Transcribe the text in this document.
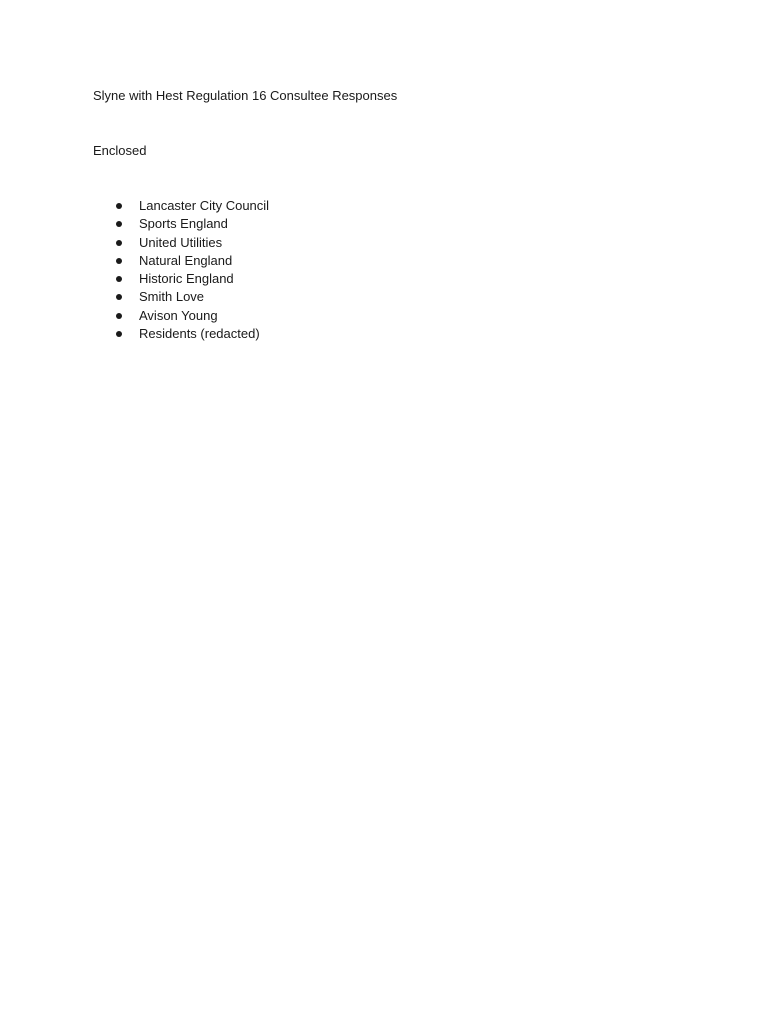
Slyne with Hest Regulation 16 Consultee Responses
Enclosed
Lancaster City Council
Sports England
United Utilities
Natural England
Historic England
Smith Love
Avison Young
Residents (redacted)
